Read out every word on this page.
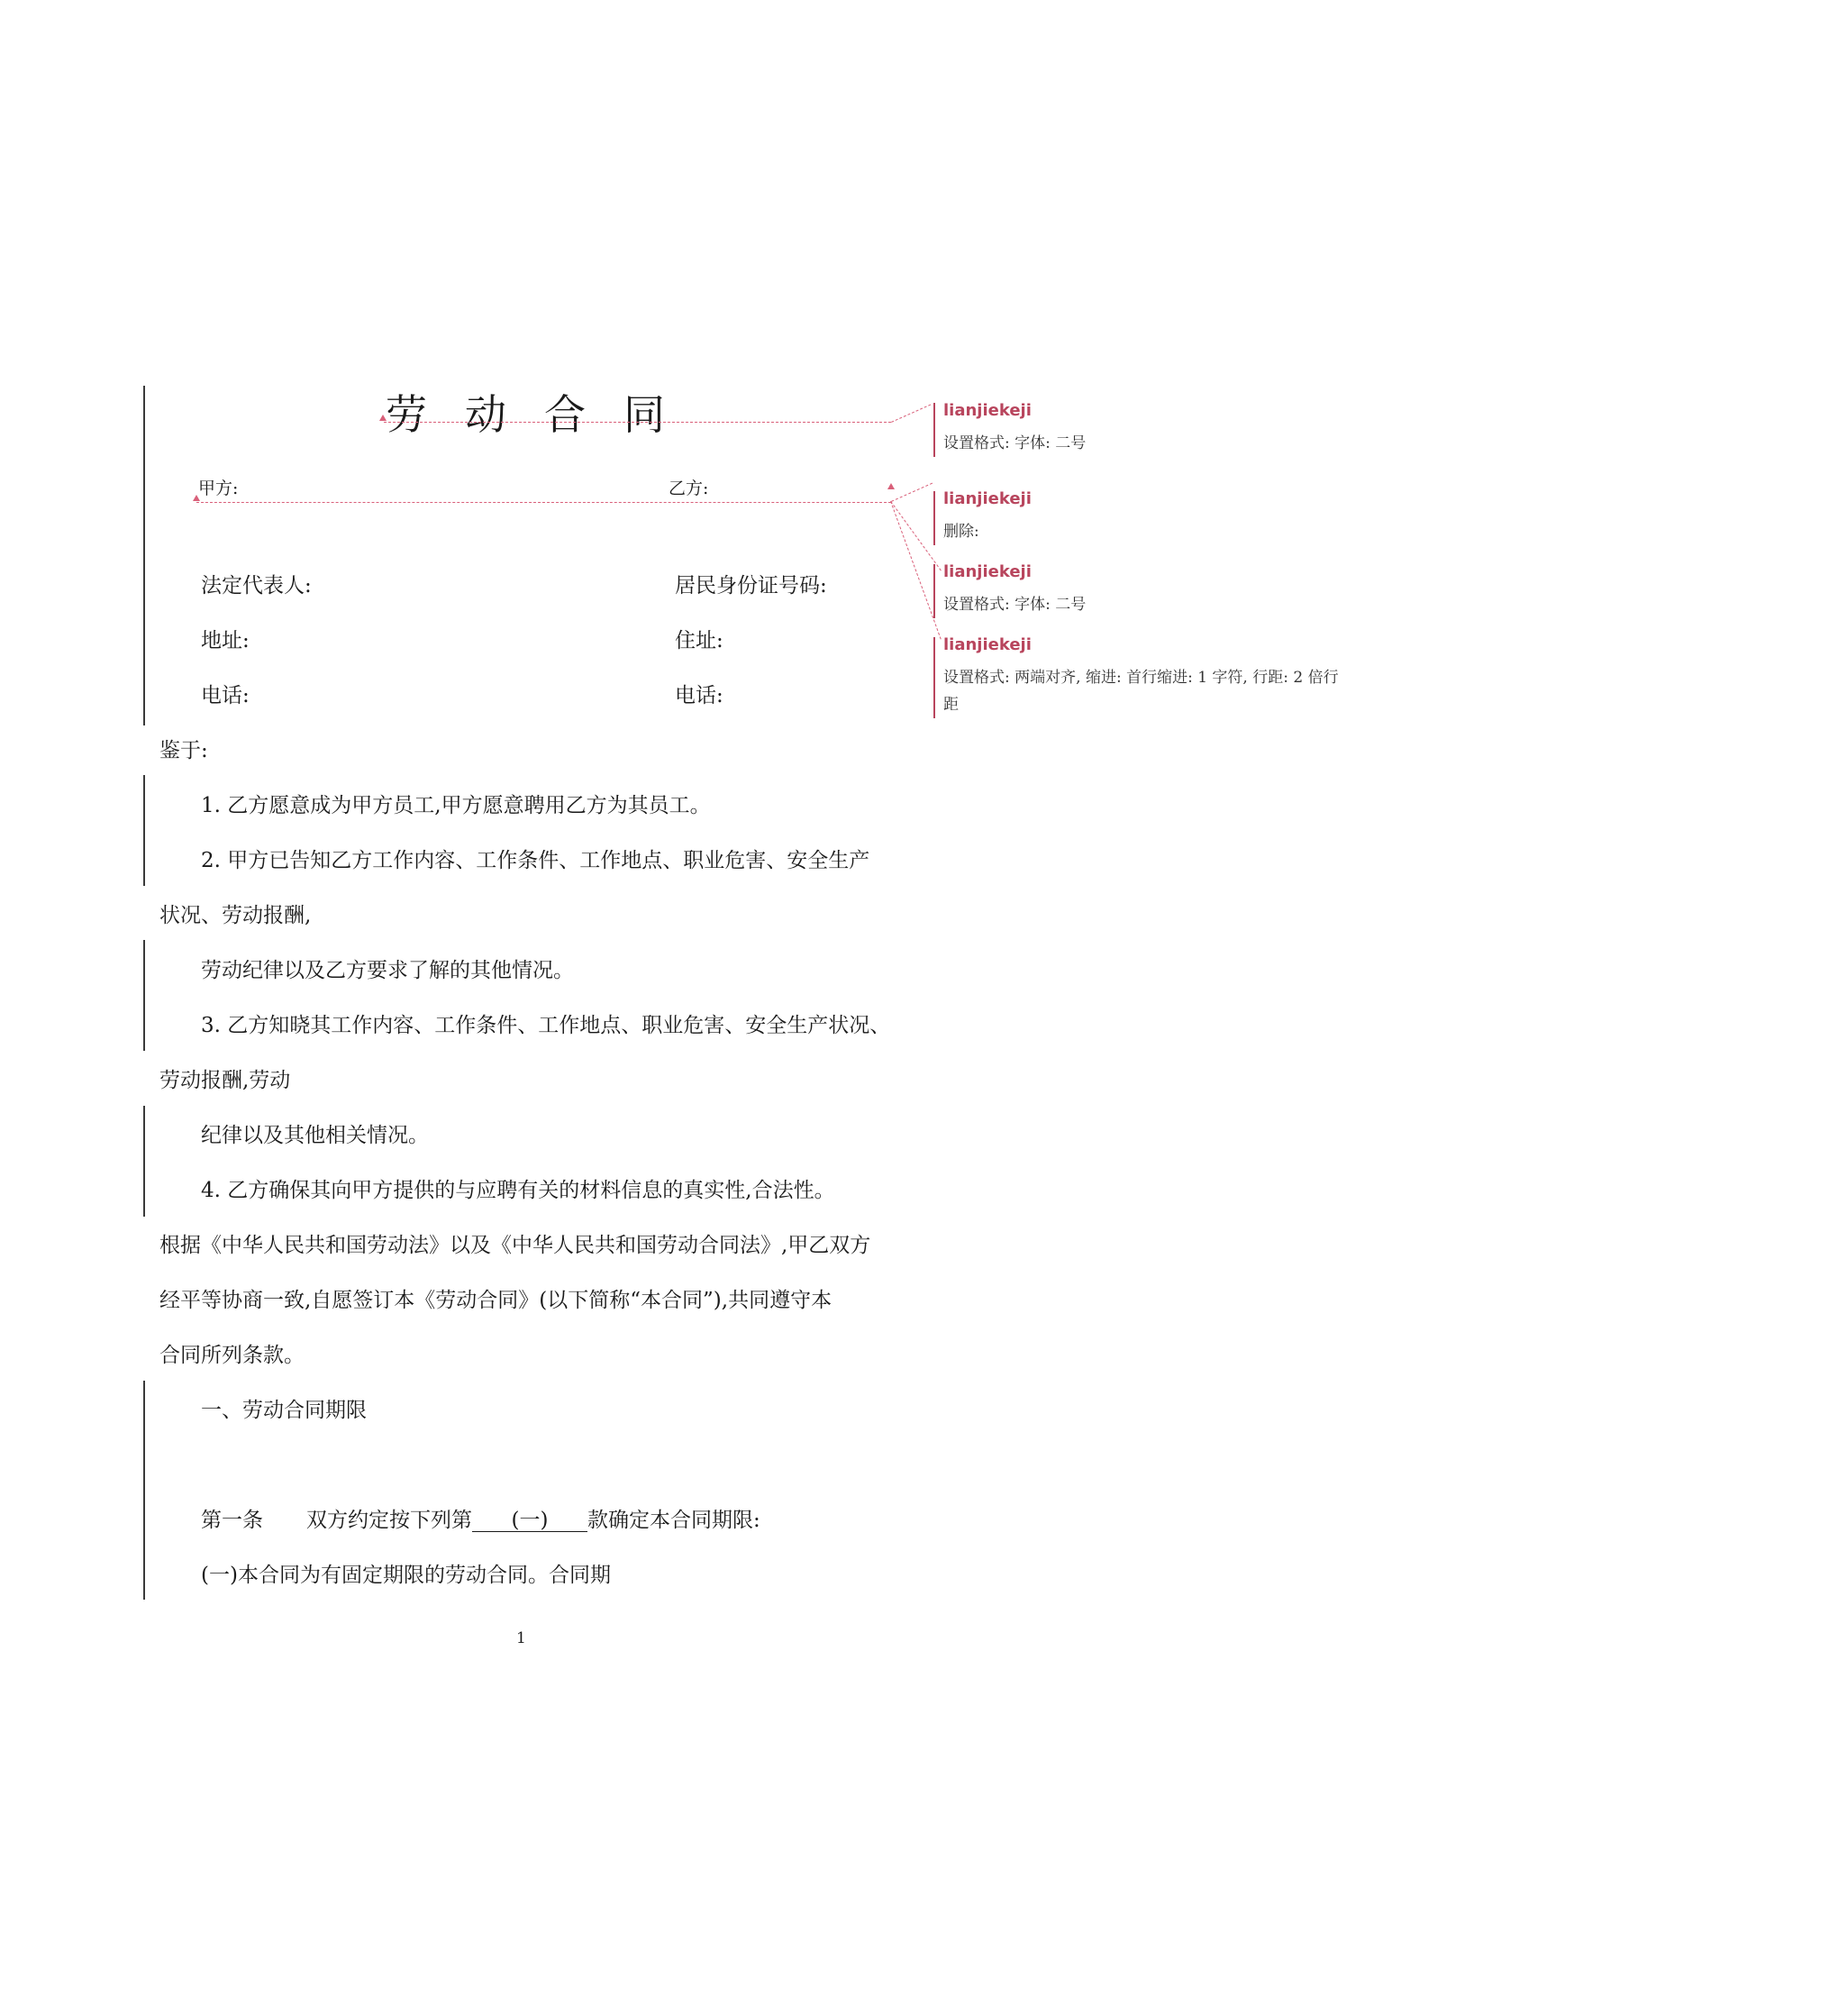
劳 动 合 同
甲方:	乙方:
法定代表人:	居民身份证号码:
地址:	住址:
电话:	电话:
鉴于:
1. 乙方愿意成为甲方员工,甲方愿意聘用乙方为其员工。
2. 甲方已告知乙方工作内容、工作条件、工作地点、职业危害、安全生产
状况、劳动报酬,
劳动纪律以及乙方要求了解的其他情况。
3. 乙方知晓其工作内容、工作条件、工作地点、职业危害、安全生产状况、
劳动报酬,劳动
纪律以及其他相关情况。
4. 乙方确保其向甲方提供的与应聘有关的材料信息的真实性,合法性。
根据《中华人民共和国劳动法》以及《中华人民共和国劳动合同法》,甲乙双方
经平等协商一致,自愿签订本《劳动合同》(以下简称“本合同”),共同遵守本
合同所列条款。
一、劳动合同期限
第一条 双方约定按下列第 (一) 款确定本合同期限:
(一)本合同为有固定期限的劳动合同。合同期
1
lianjiekeji
设置格式: 字体: 二号
lianjiekeji
删除:
lianjiekeji
设置格式: 字体: 二号
lianjiekeji
设置格式: 两端对齐, 缩进: 首行缩进: 1 字符, 行距: 2 倍行距
